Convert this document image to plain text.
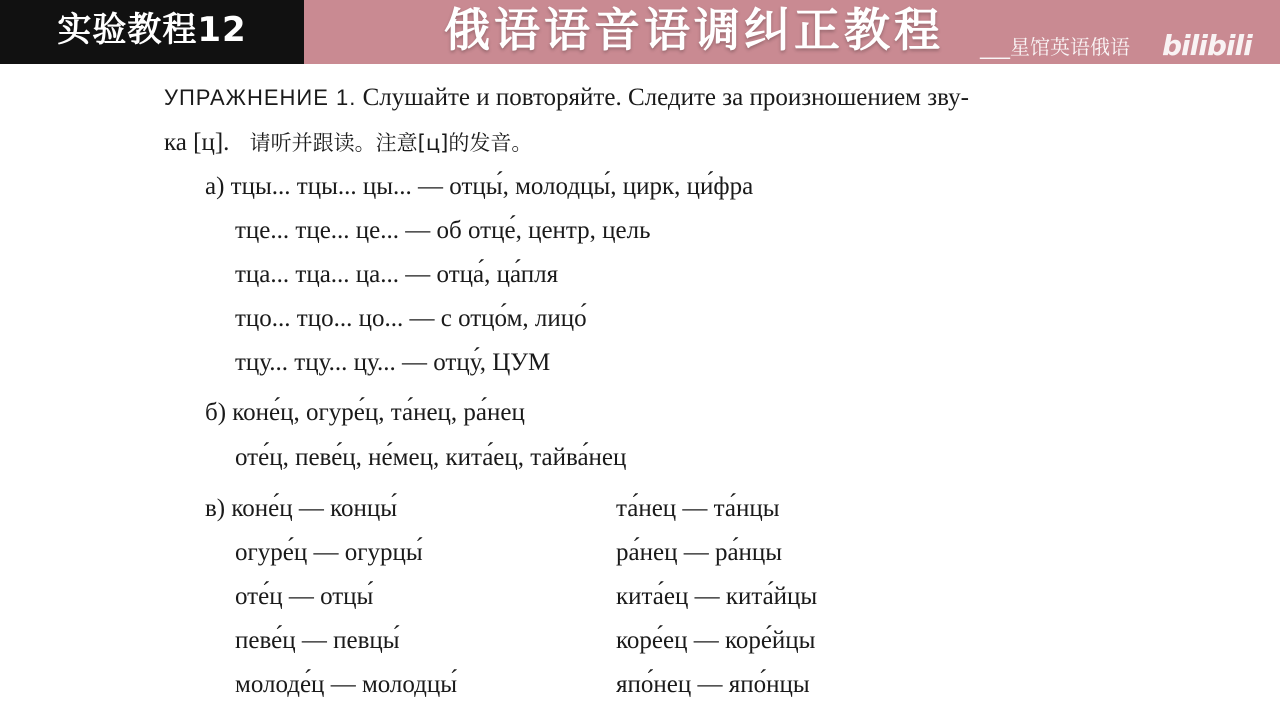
实验教程12	俄语语音语调纠正教程 ___星馆英语俄语 bilibili
УПРАЖНЕНИЕ 1. Слушайте и повторяйте. Следите за произношением зву-
ка [ц]. 请听并跟读。注意[ц]的发音。
а) тцы... тцы... цы... — отцы́, молодцы́, цирк, ци́фра
тце... тце... це... — об отце́, центр, цель
тца... тца... ца... — отца́, ца́пля
тцо... тцо... цо... — с отцо́м, лицо́
тцу... тцу... цу... — отцу́, ЦУМ
б) коне́ц, огуре́ц, та́нец, ра́нец
оте́ц, певе́ц, не́мец, кита́ец, тайва́нец
в) коне́ц — концы́
огуре́ц — огурцы́
оте́ц — отцы́
певе́ц — певцы́
молоде́ц — молодцы́
та́нец — та́нцы
ра́нец — ра́нцы
кита́ец — кита́йцы
коре́ец — коре́йцы
япо́нец — япо́нцы
